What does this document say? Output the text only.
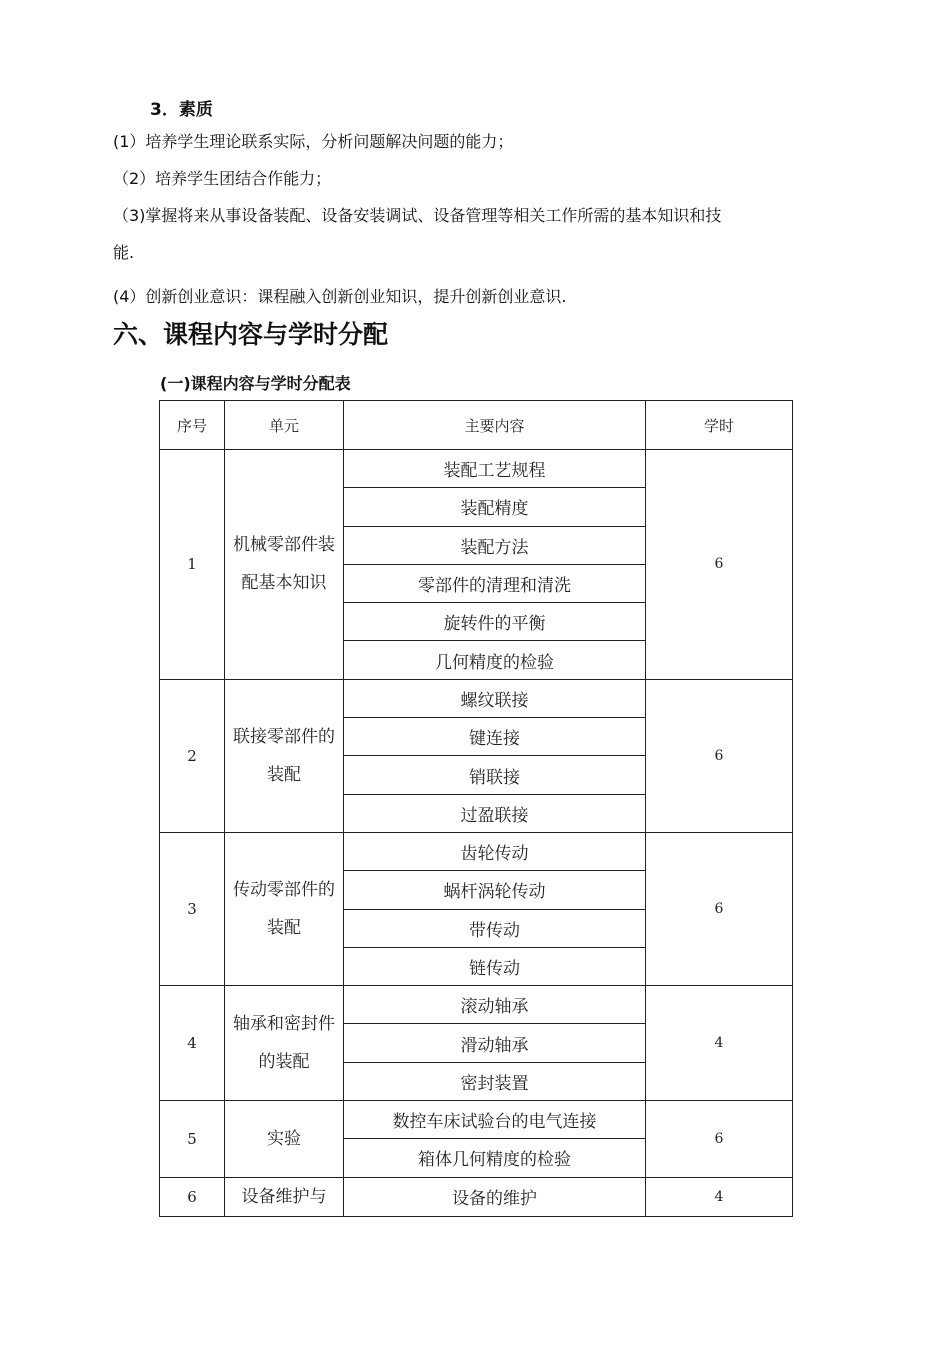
3．素质
(1）培养学生理论联系实际，分析问题解决问题的能力；
（2）培养学生团结合作能力；
（3)掌握将来从事设备装配、设备安装调试、设备管理等相关工作所需的基本知识和技
能.
(4）创新创业意识：课程融入创新创业知识，提升创新创业意识.
六、课程内容与学时分配
(一)课程内容与学时分配表
序号	单元	主要内容	学时
1	机械零部件装配基本知识	装配工艺规程	6
		装配精度	
		装配方法	
		零部件的清理和清洗	
		旋转件的平衡	
		几何精度的检验	
2	联接零部件的装配	螺纹联接	6
		键连接	
		销联接	
		过盈联接	
3	传动零部件的装配	齿轮传动	6
		蜗杆涡轮传动	
		带传动	
		链传动	
4	轴承和密封件的装配	滚动轴承	4
		滑动轴承	
		密封装置	
5	实验	数控车床试验台的电气连接	6
		箱体几何精度的检验	
6	设备维护与	设备的维护	4
